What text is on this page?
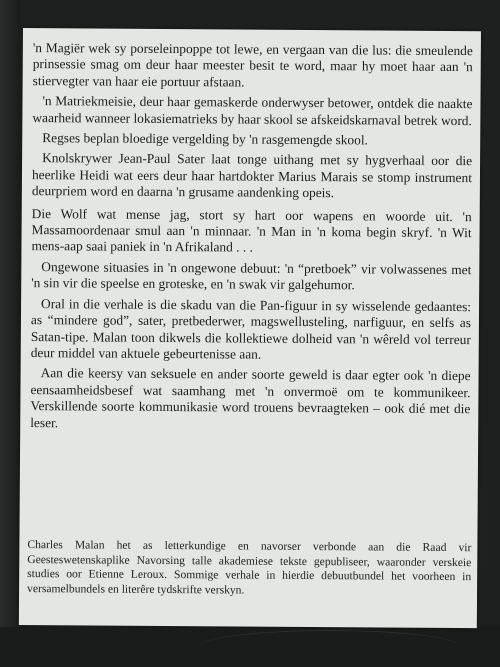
'n Magiër wek sy porseleinpoppe tot lewe, en vergaan van die lus: die smeulende prinsessie smag om deur haar meester besit te word, maar hy moet haar aan 'n stiervegter van haar eie portuur afstaan.

'n Matriekmeisie, deur haar gemaskerde onderwyser betower, ontdek die naakte waarheid wanneer lokasiematrieks by haar skool se afskeidskarnaval betrek word.

Regses beplan bloedige vergelding by 'n rasgemengde skool.

Knolskrywer Jean-Paul Sater laat tonge uithang met sy hygverhaal oor die heerlike Heidi wat eers deur haar hartdokter Marius Marais se stomp instrument deurpriem word en daarna 'n grusame aandenking opeis.

Die Wolf wat mense jag, stort sy hart oor wapens en woorde uit. 'n Massamoordenaar smul aan 'n minnaar. 'n Man in 'n koma begin skryf. 'n Wit mens-aap saai paniek in 'n Afrikaland . . .

Ongewone situasies in 'n ongewone debuut: 'n “pretboek” vir volwassenes met 'n sin vir die speelse en groteske, en 'n swak vir galgehumor.

Oral in die verhale is die skadu van die Pan-figuur in sy wisselende gedaantes: as “mindere god”, sater, pretbederwer, magswellusteling, narfiguur, en selfs as Satan-tipe. Malan toon dikwels die kollektiewe dolheid van 'n wêreld vol terreur deur middel van aktuele gebeurtenisse aan.

Aan die keersy van seksuele en ander soorte geweld is daar egter ook 'n diepe eensaamheidsbesef wat saamhang met 'n onvermoë om te kommunikeer. Verskillende soorte kommunikasie word trouens bevraagteken – ook dié met die leser.

Charles Malan het as letterkundige en navorser verbonde aan die Raad vir Geesteswetenskaplike Navorsing talle akademiese tekste gepubliseer, waaronder verskeie studies oor Etienne Leroux. Sommige verhale in hierdie debuutbundel het voorheen in versamelbundels en literêre tydskrifte verskyn.
